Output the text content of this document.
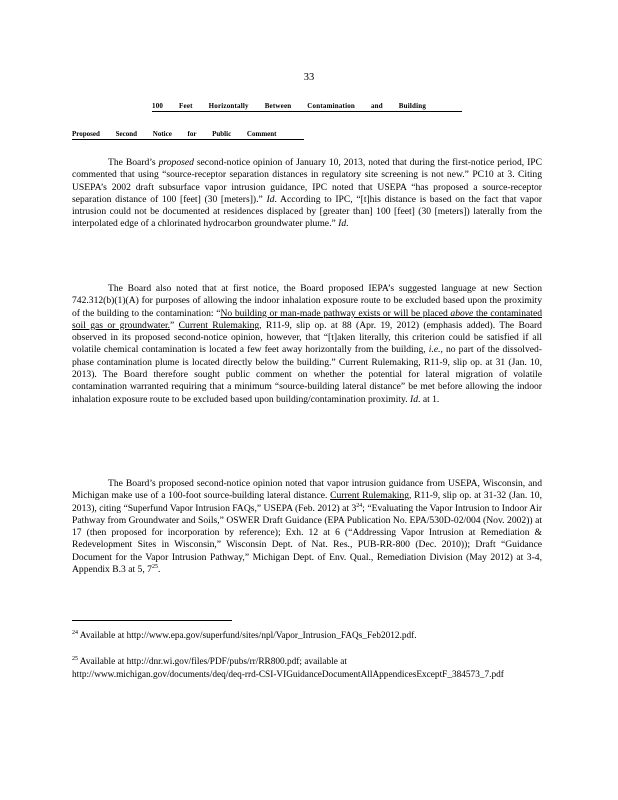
33
100 Feet Horizontally Between Contamination and Building
Proposed Second Notice for Public Comment

The Board’s proposed second-notice opinion of January 10, 2013, noted that during the first-notice period, IPC commented that using “source-receptor separation distances in regulatory site screening is not new.” PC10 at 3. Citing USEPA’s 2002 draft subsurface vapor intrusion guidance, IPC noted that USEPA “has proposed a source-receptor separation distance of 100 [feet] (30 [meters]).” Id. According to IPC, “[t]his distance is based on the fact that vapor intrusion could not be documented at residences displaced by [greater than] 100 [feet] (30 [meters]) laterally from the interpolated edge of a chlorinated hydrocarbon groundwater plume.” Id.

The Board also noted that at first notice, the Board proposed IEPA’s suggested language at new Section 742.312(b)(1)(A) for purposes of allowing the indoor inhalation exposure route to be excluded based upon the proximity of the building to the contamination: “No building or man-made pathway exists or will be placed above the contaminated soil gas or groundwater.” Current Rulemaking, R11-9, slip op. at 88 (Apr. 19, 2012) (emphasis added). The Board observed in its proposed second-notice opinion, however, that “[t]aken literally, this criterion could be satisfied if all volatile chemical contamination is located a few feet away horizontally from the building, i.e., no part of the dissolved-phase contamination plume is located directly below the building.” Current Rulemaking, R11-9, slip op. at 31 (Jan. 10, 2013). The Board therefore sought public comment on whether the potential for lateral migration of volatile contamination warranted requiring that a minimum “source-building lateral distance” be met before allowing the indoor inhalation exposure route to be excluded based upon building/contamination proximity. Id. at 1.

The Board’s proposed second-notice opinion noted that vapor intrusion guidance from USEPA, Wisconsin, and Michigan make use of a 100-foot source-building lateral distance. Current Rulemaking, R11-9, slip op. at 31-32 (Jan. 10, 2013), citing “Superfund Vapor Intrusion FAQs,” USEPA (Feb. 2012) at $3^{24}$; “Evaluating the Vapor Intrusion to Indoor Air Pathway from Groundwater and Soils,” OSWER Draft Guidance (EPA Publication No. EPA/530D-02/004 (Nov. 2002)) at 17 (then proposed for incorporation by reference); Exh. 12 at 6 (“Addressing Vapor Intrusion at Remediation & Redevelopment Sites in Wisconsin,” Wisconsin Dept. of Nat. Res., PUB-RR-800 (Dec. 2010)); Draft “Guidance Document for the Vapor Intrusion Pathway,” Michigan Dept. of Env. Qual., Remediation Division (May 2012) at 3-4, Appendix B.3 at 5, $7^{25}$.

$^{24}$ Available at http://www.epa.gov/superfund/sites/npl/Vapor_Intrusion_FAQs_Feb2012.pdf.
$^{25}$ Available at http://dnr.wi.gov/files/PDF/pubs/rr/RR800.pdf; available at
http://www.michigan.gov/documents/deq/deq-rrd-CSI-VIGuidanceDocumentAllAppendicesExceptF_384573_7.pdf
